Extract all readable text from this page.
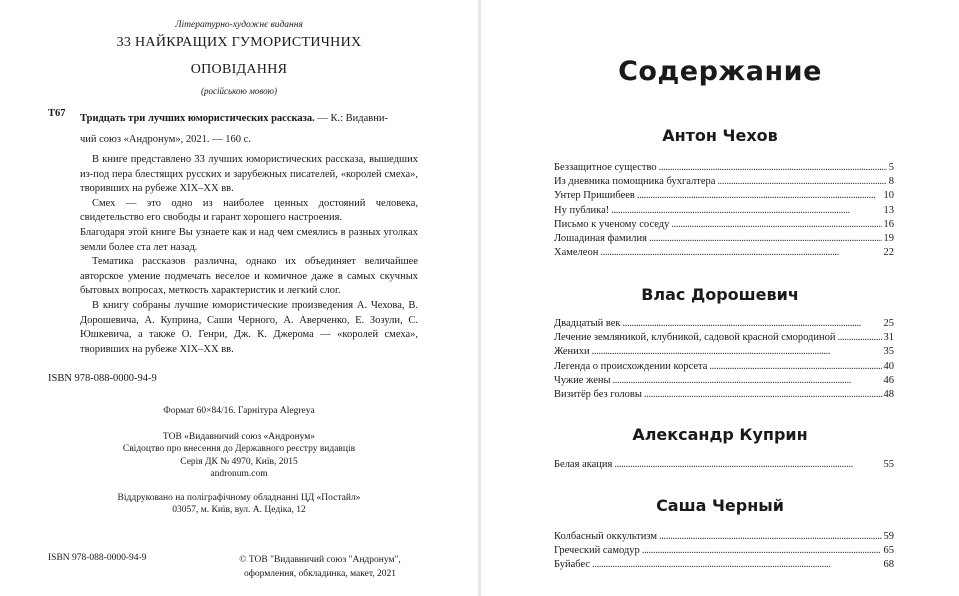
Літературно-художнє видання
33 НАЙКРАЩИХ ГУМОРИСТИЧНИХ
ОПОВІДАННЯ
(російською мовою)
Т67 Тридцать три лучших юмористических рассказа. — К.: Видавни-
чий союз «Андронум», 2021. — 160 с.

В книге представлено 33 лучших юмористических рассказа, вышедших из-под пера блестящих русских и зарубежных писателей, «королей смеха», творивших на рубеже XIX–XX вв.

Смех — это одно из наиболее ценных достояний человека, свидетельство его свободы и гарант хорошего настроения.

Благодаря этой книге Вы узнаете как и над чем смеялись в разных уголках земли более ста лет назад.

Тематика рассказов различна, однако их объединяет величайшее авторское умение подмечать веселое и комичное даже в самых скучных бытовых вопросах, меткость характеристик и легкий слог.

В книгу собраны лучшие юмористические произведения А. Чехова, В. Дорошевича, А. Куприна, Саши Черного, А. Аверченко, Е. Зозули, С. Юшкевича, а также О. Генри, Дж. К. Джерома — «королей смеха», творивших на рубеже XIX–XX вв.

ISBN 978-088-0000-94-9
Формат 60×84/16. Гарнітура Alegreya
ТОВ «Видавничий союз «Андронум»
Свідоцтво про внесення до Державного реєстру видавців
Серія ДК № 4970, Київ, 2015
andronum.com
Віддруковано на поліграфічному обладнанні ЦД «Постайл»
03057, м. Київ, вул. А. Цедіка, 12
ISBN 978-088-0000-94-9	© ТОВ "Видавничий союз "Андронум",
оформлення, обкладинка, макет, 2021
Содержание
Антон Чехов
Беззащитное существо . . .	5
Из дневника помощника бухгалтера . . .	8
Унтер Пришибеев . . .	10
Ну публика! . . .	13
Письмо к ученому соседу . . .	16
Лошадиная фамилия . . .	19
Хамелеон . . .	22
Влас Дорошевич
Двадцатый век . . .	25
Лечение земляникой, клубникой, садовой красной смородиной . . .	31
Женихи . . .	35
Легенда о происхождении корсета . . .	40
Чужие жены . . .	46
Визитёр без головы . . .	48
Александр Куприн
Белая акация . . .	55
Саша Черный
Колбасный оккультизм . . .	59
Греческий самодур . . .	65
Буйабес . . .	68
